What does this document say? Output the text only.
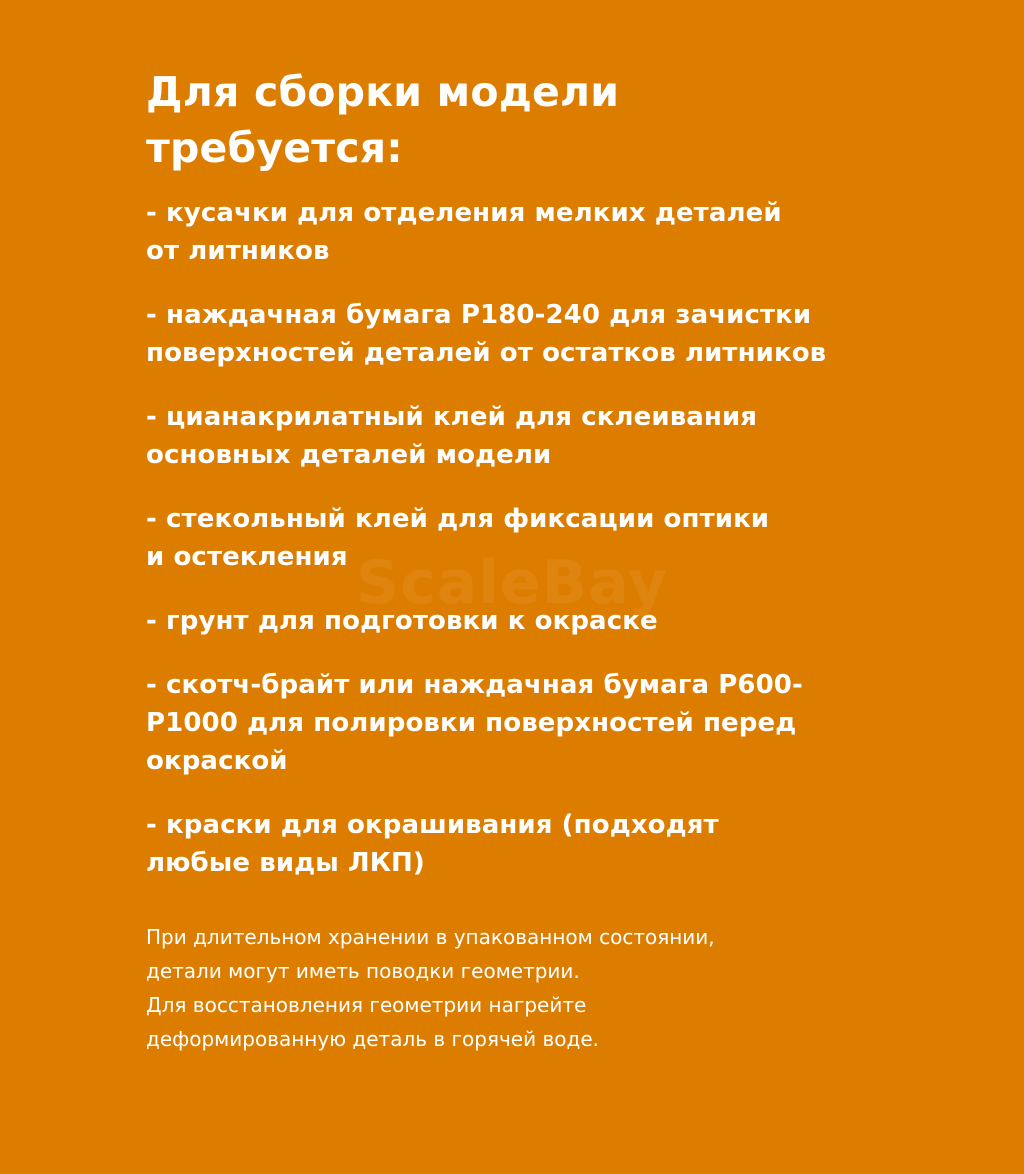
ScaleBay
Для сборки модели
требуется:
- кусачки для отделения мелких деталей
от литников
- наждачная бумага Р180-240 для зачистки
поверхностей деталей от остатков литников
- цианакрилатный клей для склеивания
основных деталей модели
- стекольный клей для фиксации оптики
и остекления
- грунт для подготовки к окраске
- скотч-брайт или наждачная бумага Р600-
Р1000 для полировки поверхностей перед
окраской
- краски для окрашивания (подходят
любые виды ЛКП)
При длительном хранении в упакованном состоянии,
детали могут иметь поводки геометрии.
Для восстановления геометрии нагрейте
деформированную деталь в горячей воде.
